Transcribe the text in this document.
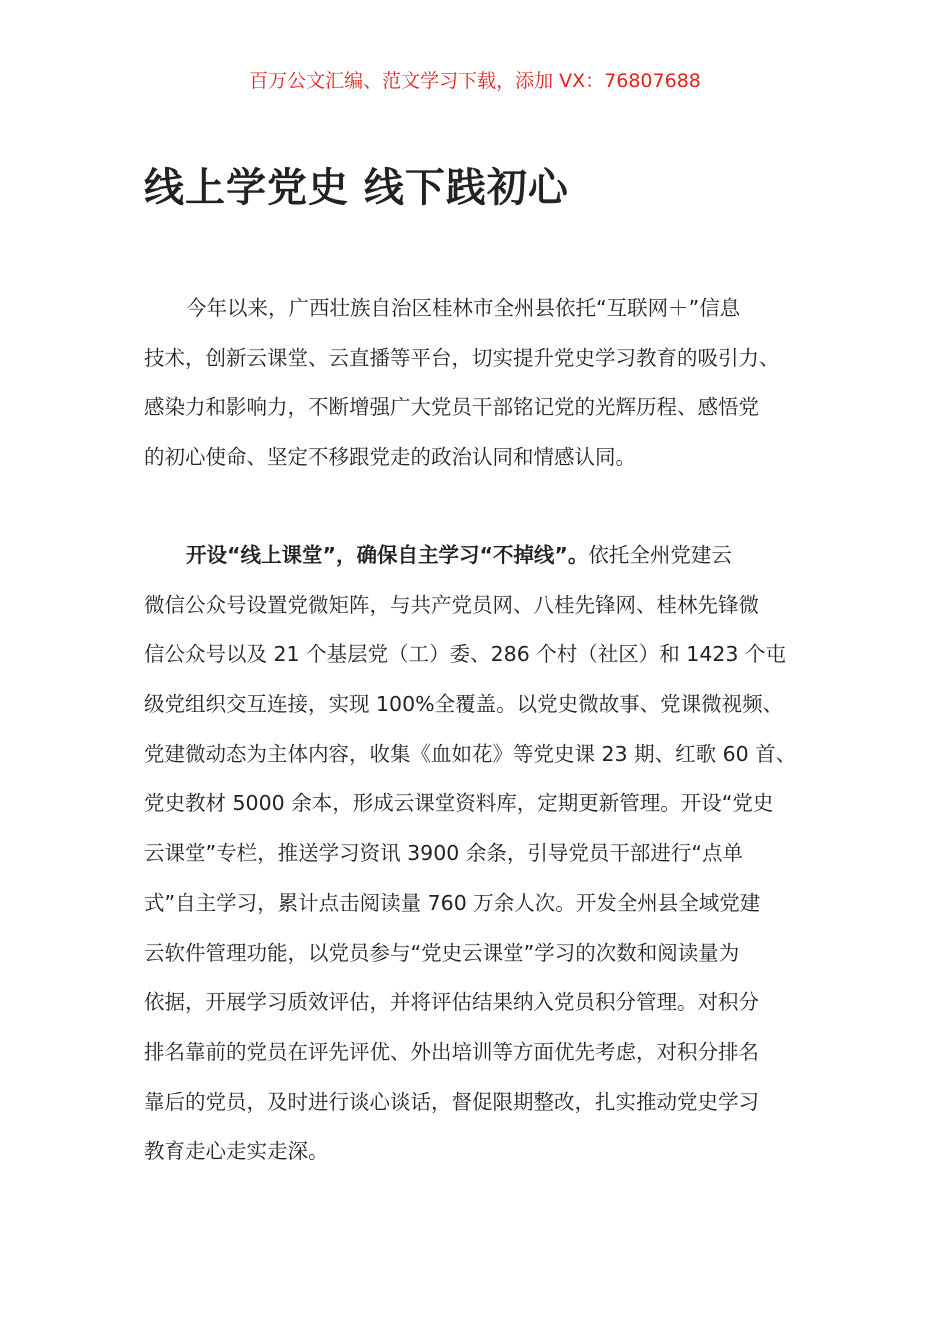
百万公文汇编、范文学习下载，添加 VX：76807688
线上学党史 线下践初心
今年以来，广西壮族自治区桂林市全州县依托“互联网＋”信息
技术，创新云课堂、云直播等平台，切实提升党史学习教育的吸引力、
感染力和影响力，不断增强广大党员干部铭记党的光辉历程、感悟党
的初心使命、坚定不移跟党走的政治认同和情感认同。
开设“线上课堂”，确保自主学习“不掉线”。依托全州党建云
微信公众号设置党微矩阵，与共产党员网、八桂先锋网、桂林先锋微
信公众号以及 21 个基层党（工）委、286 个村（社区）和 1423 个屯
级党组织交互连接，实现 100%全覆盖。以党史微故事、党课微视频、
党建微动态为主体内容，收集《血如花》等党史课 23 期、红歌 60 首、
党史教材 5000 余本，形成云课堂资料库，定期更新管理。开设“党史
云课堂”专栏，推送学习资讯 3900 余条，引导党员干部进行“点单
式”自主学习，累计点击阅读量 760 万余人次。开发全州县全域党建
云软件管理功能，以党员参与“党史云课堂”学习的次数和阅读量为
依据，开展学习质效评估，并将评估结果纳入党员积分管理。对积分
排名靠前的党员在评先评优、外出培训等方面优先考虑，对积分排名
靠后的党员，及时进行谈心谈话，督促限期整改，扎实推动党史学习
教育走心走实走深。
